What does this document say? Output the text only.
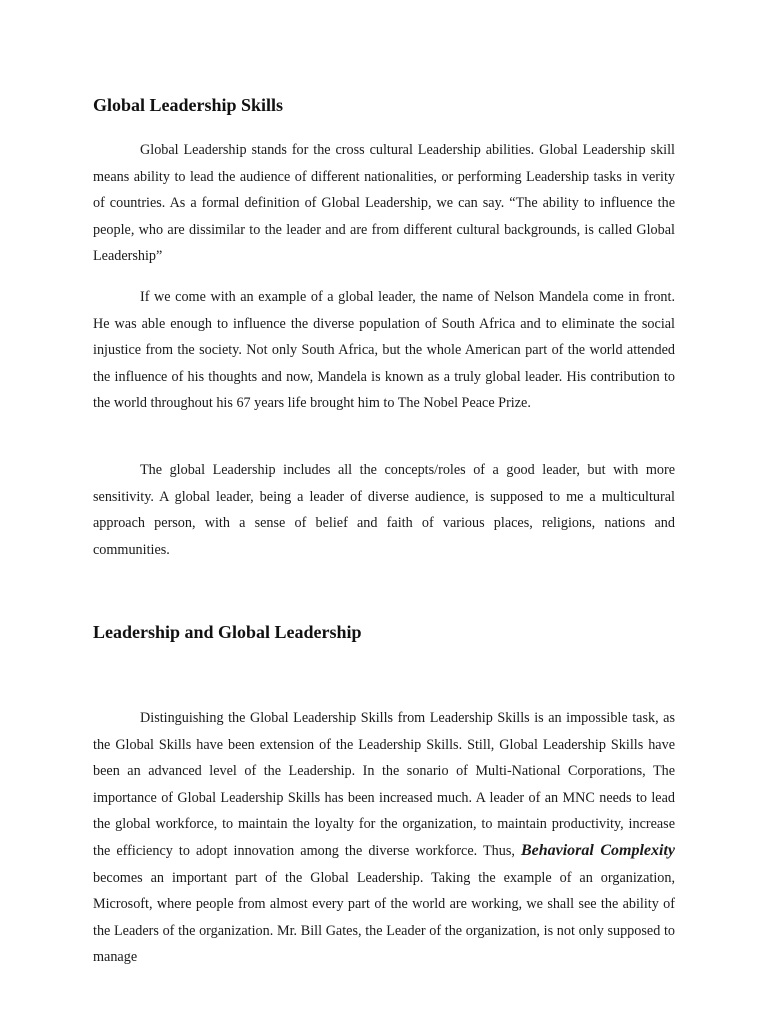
Global Leadership Skills

Global Leadership stands for the cross cultural Leadership abilities. Global Leadership skill means ability to lead the audience of different nationalities, or performing Leadership tasks in verity of countries. As a formal definition of Global Leadership, we can say. “The ability to influence the people, who are dissimilar to the leader and are from different cultural backgrounds, is called Global Leadership”

If we come with an example of a global leader, the name of Nelson Mandela come in front. He was able enough to influence the diverse population of South Africa and to eliminate the social injustice from the society. Not only South Africa, but the whole American part of the world attended the influence of his thoughts and now, Mandela is known as a truly global leader. His contribution to the world throughout his 67 years life brought him to The Nobel Peace Prize.

The global Leadership includes all the concepts/roles of a good leader, but with more sensitivity. A global leader, being a leader of diverse audience, is supposed to me a multicultural approach person, with a sense of belief and faith of various places, religions, nations and communities.

Leadership and Global Leadership

Distinguishing the Global Leadership Skills from Leadership Skills is an impossible task, as the Global Skills have been extension of the Leadership Skills. Still, Global Leadership Skills have been an advanced level of the Leadership. In the sonario of Multi-National Corporations, The importance of Global Leadership Skills has been increased much. A leader of an MNC needs to lead the global workforce, to maintain the loyalty for the organization, to maintain productivity, increase the efficiency to adopt innovation among the diverse workforce. Thus, Behavioral Complexity becomes an important part of the Global Leadership. Taking the example of an organization, Microsoft, where people from almost every part of the world are working, we shall see the ability of the Leaders of the organization. Mr. Bill Gates, the Leader of the organization, is not only supposed to manage
